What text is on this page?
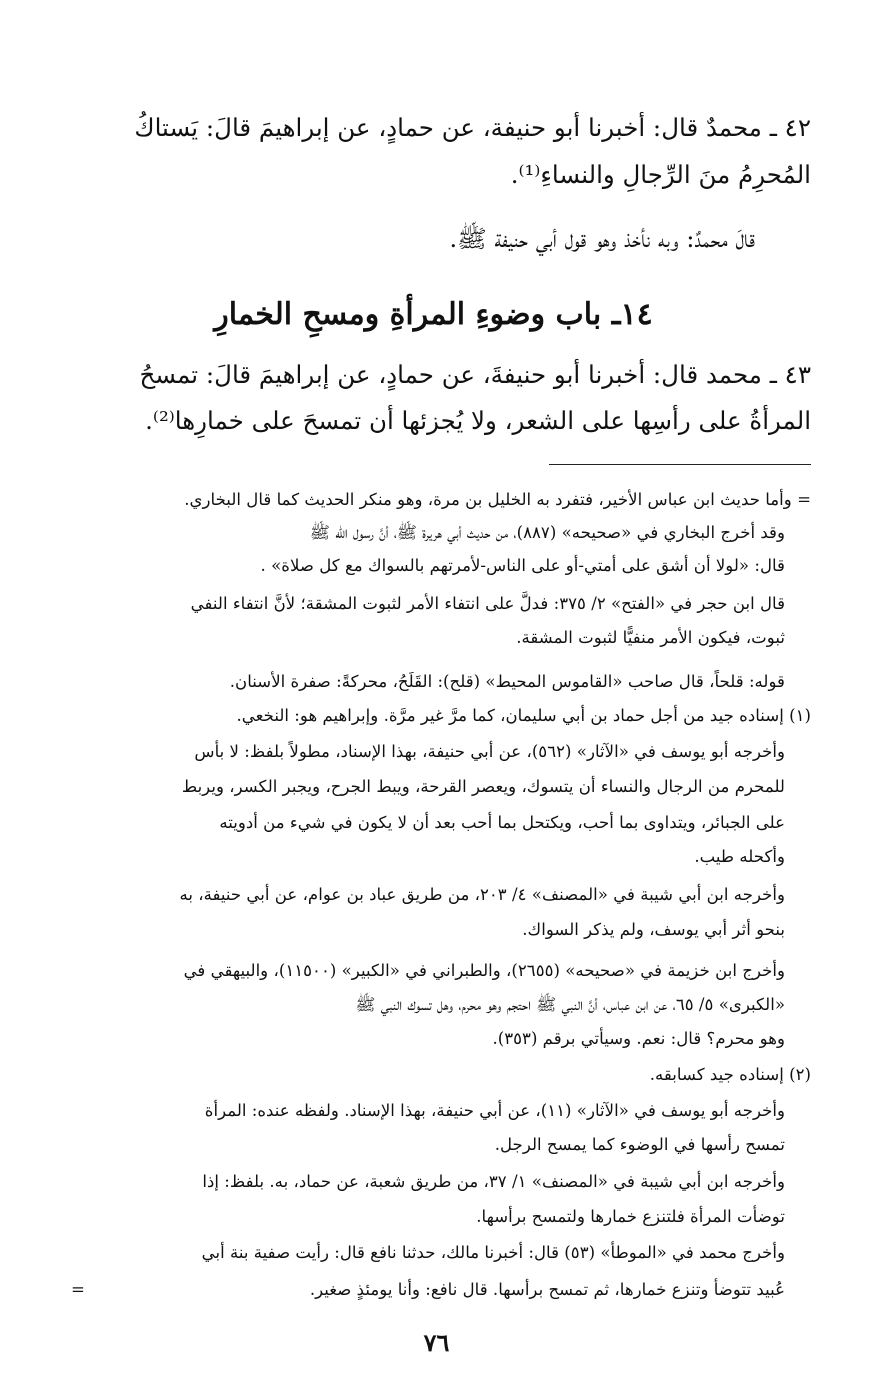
٤٢ ـ محمدٌ قال: أخبرنا أبو حنيفة، عن حمادٍ، عن إبراهيمَ قالَ: يَستاكُ
المُحرِمُ منَ الرِّجالِ والنساءِ⁽¹⁾.
قالَ محمدٌ: وبه نأخذ وهو قول أبي حنيفة ﷺ.
١٤ـ باب وضوءِ المرأةِ ومسحِ الخمارِ
٤٣ ـ محمد قال: أخبرنا أبو حنيفةَ، عن حمادٍ، عن إبراهيمَ قالَ: تمسحُ
المرأةُ على رأسِها على الشعر، ولا يُجزئها أن تمسحَ على خمارِها⁽²⁾.
= وأما حديث ابن عباس الأخير، فتفرد به الخليل بن مرة، وهو منكر الحديث كما قال البخاري.
وقد أخرج البخاري في «صحيحه» (٨٨٧)، من حديث أبي هريرة ﷺ، أنَّ رسول الله ﷺ
قال: «لولا أن أشق على أمتي-أو على الناس-لأمرتهم بالسواك مع كل صلاة» .
قال ابن حجر في «الفتح» ٢/ ٣٧٥: فدلَّ على انتفاء الأمر لثبوت المشقة؛ لأنَّ انتفاء النفي
ثبوت، فيكون الأمر منفيًّا لثبوت المشقة.
قوله: قلحاً، قال صاحب «القاموس المحيط» (قلح): القَلَحُ، محركةً: صفرة الأسنان.
(١) إسناده جيد من أجل حماد بن أبي سليمان، كما مرَّ غير مرَّة. وإبراهيم هو: النخعي.
وأخرجه أبو يوسف في «الآثار» (٥٦٢)، عن أبي حنيفة، بهذا الإسناد، مطولاً بلفظ: لا بأس
للمحرم من الرجال والنساء أن يتسوك، ويعصر القرحة، ويبط الجرح، ويجبر الكسر، ويربط
على الجبائر، ويتداوى بما أحب، ويكتحل بما أحب بعد أن لا يكون في شيء من أدويته
وأكحله طيب.
وأخرجه ابن أبي شيبة في «المصنف» ٤/ ٢٠٣، من طريق عباد بن عوام، عن أبي حنيفة، به
بنحو أثر أبي يوسف، ولم يذكر السواك.
وأخرج ابن خزيمة في «صحيحه» (٢٦٥٥)، والطبراني في «الكبير» (١١٥٠٠)، والبيهقي في
«الكبرى» ٥/ ٦٥، عن ابن عباس، أنَّ النبي ﷺ احتجم وهو محرم، وهل تسوك النبي ﷺ
وهو محرم؟ قال: نعم. وسيأتي برقم (٣٥٣).
(٢) إسناده جيد كسابقه.
وأخرجه أبو يوسف في «الآثار» (١١)، عن أبي حنيفة، بهذا الإسناد. ولفظه عنده: المرأة
تمسح رأسها في الوضوء كما يمسح الرجل.
وأخرجه ابن أبي شيبة في «المصنف» ١/ ٣٧، من طريق شعبة، عن حماد، به. بلفظ: إذا
توضأت المرأة فلتنزع خمارها ولتمسح برأسها.
وأخرج محمد في «الموطأ» (٥٣) قال: أخبرنا مالك، حدثنا نافع قال: رأيت صفية بنة أبي
عُبيد تتوضأ وتنزع خمارها، ثم تمسح برأسها. قال نافع: وأنا يومئذٍ صغير.
=
٧٦
